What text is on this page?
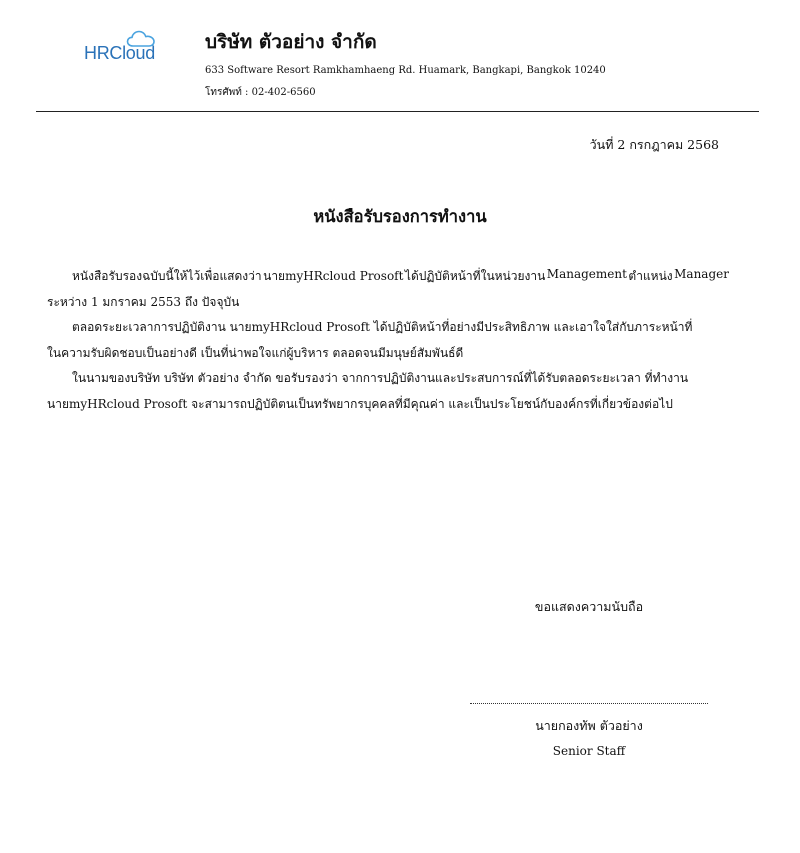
HRCloud	บริษัท ตัวอย่าง จำกัด
633 Software Resort Ramkhamhaeng Rd. Huamark, Bangkapi, Bangkok 10240
โทรศัพท์ : 02-402-6560
วันที่ 2 กรกฎาคม 2568
หนังสือรับรองการทำงาน
หนังสือรับรองฉบับนี้ให้ไว้เพื่อแสดงว่า นายmyHRcloud Prosoft ได้ปฏิบัติหน้าที่ในหน่วยงาน Management ตำแหน่ง Manager
ระหว่าง 1 มกราคม 2553 ถึง ปัจจุบัน
ตลอดระยะเวลาการปฏิบัติงาน นายmyHRcloud Prosoft ได้ปฏิบัติหน้าที่อย่างมีประสิทธิภาพ และเอาใจใส่กับภาระหน้าที่
ในความรับผิดชอบเป็นอย่างดี เป็นที่น่าพอใจแก่ผู้บริหาร ตลอดจนมีมนุษย์สัมพันธ์ดี
ในนามของบริษัท บริษัท ตัวอย่าง จำกัด ขอรับรองว่า จากการปฏิบัติงานและประสบการณ์ที่ได้รับตลอดระยะเวลา ที่ทำงาน
นายmyHRcloud Prosoft จะสามารถปฏิบัติตนเป็นทรัพยากรบุคคลที่มีคุณค่า และเป็นประโยชน์กับองค์กรที่เกี่ยวข้องต่อไป
ขอแสดงความนับถือ
นายกองทัพ ตัวอย่าง
Senior Staff
